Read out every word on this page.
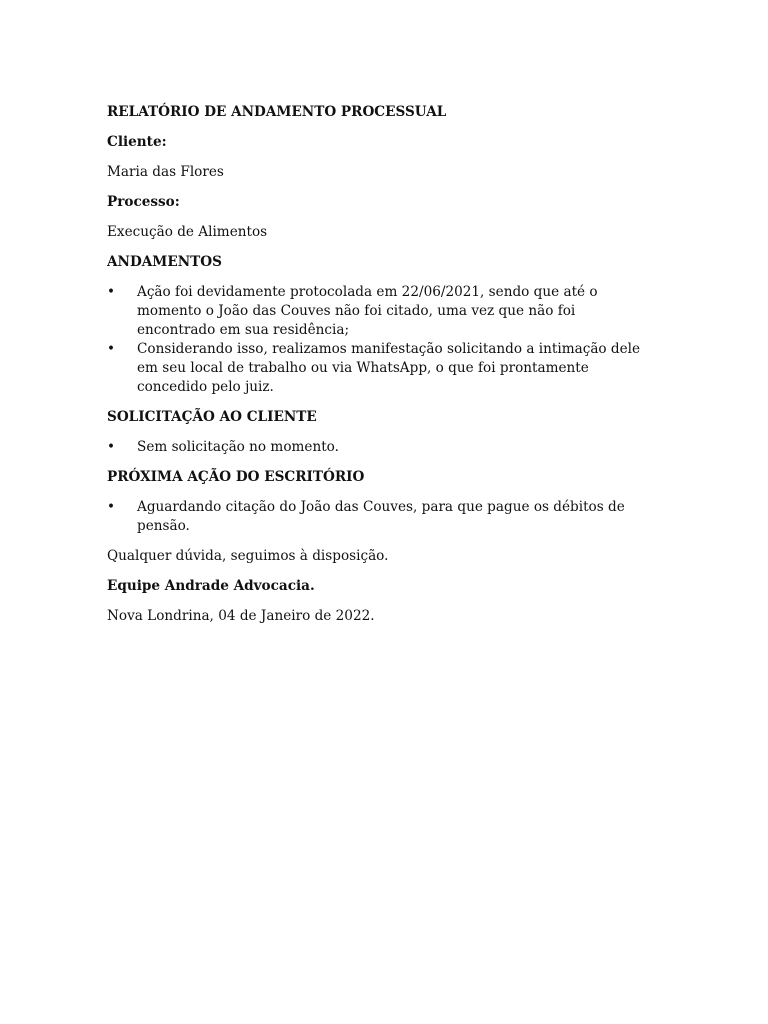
RELATÓRIO DE ANDAMENTO PROCESSUAL
Cliente:
Maria das Flores
Processo:
Execução de Alimentos
ANDAMENTOS
• Ação foi devidamente protocolada em 22/06/2021, sendo que até o momento o João das Couves não foi citado, uma vez que não foi encontrado em sua residência;
• Considerando isso, realizamos manifestação solicitando a intimação dele em seu local de trabalho ou via WhatsApp, o que foi prontamente concedido pelo juiz.
SOLICITAÇÃO AO CLIENTE
• Sem solicitação no momento.
PRÓXIMA AÇÃO DO ESCRITÓRIO
• Aguardando citação do João das Couves, para que pague os débitos de pensão.
Qualquer dúvida, seguimos à disposição.
Equipe Andrade Advocacia.
Nova Londrina, 04 de Janeiro de 2022.
